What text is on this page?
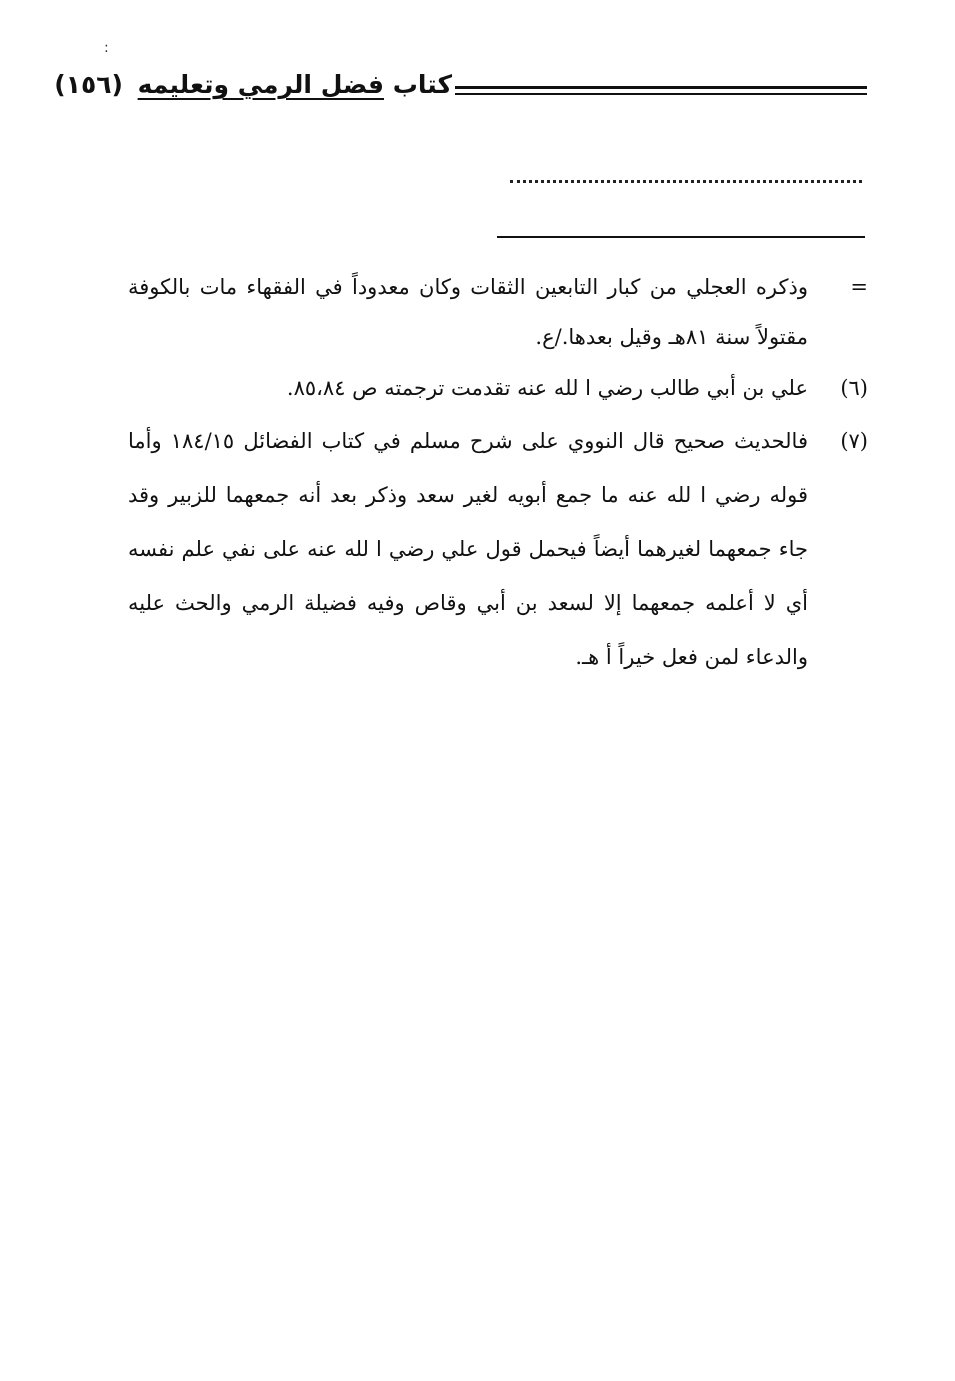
:
كتاب فضل الرمي وتعليمه (١٥٦)
=
وذكره العجلي من كبار التابعين الثقات وكان معدوداً في الفقهاء مات بالكوفة مقتولاً سنة ٨١هـ وقيل بعدها./ع.
(٦)
علي بن أبي طالب رضي ا لله عنه تقدمت ترجمته ص ٨٥،٨٤.
(٧)
فالحديث صحيح قال النووي على شرح مسلم في كتاب الفضائل ١٨٤/١٥ وأما قوله رضي ا لله عنه ما جمع أبويه لغير سعد وذكر بعد أنه جمعهما للزبير وقد جاء جمعهما لغيرهما أيضاً فيحمل قول علي رضي ا لله عنه على نفي علم نفسه أي لا أعلمه جمعهما إلا لسعد بن أبي وقاص وفيه فضيلة الرمي والحث عليه والدعاء لمن فعل خيراً أ هـ.
